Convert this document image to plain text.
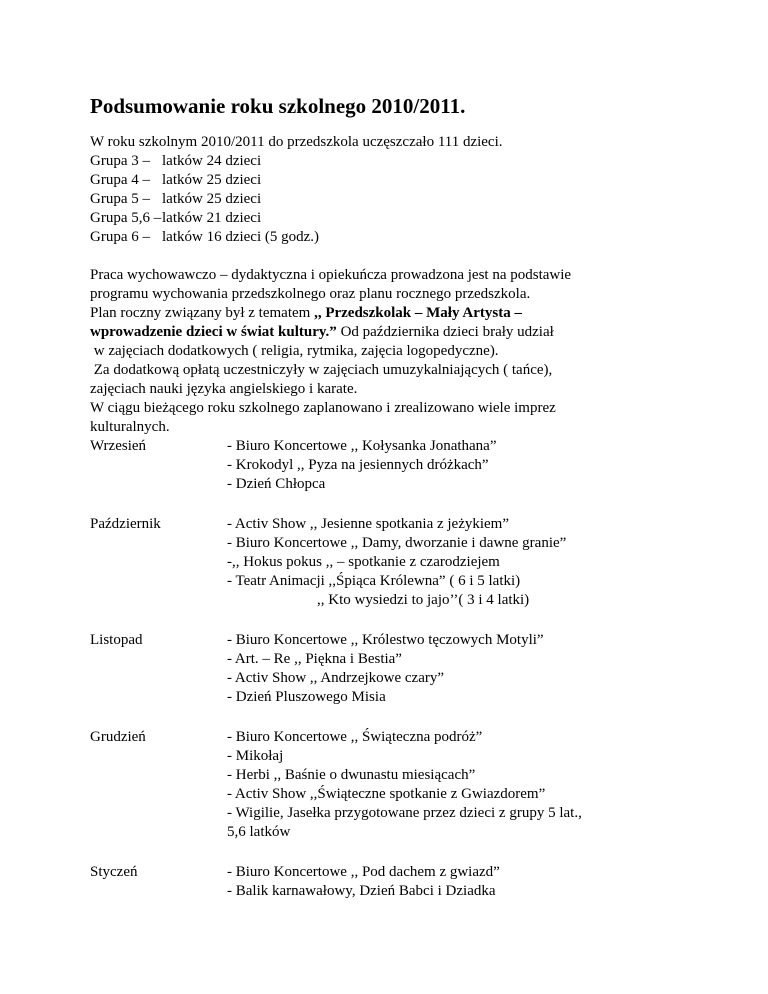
Podsumowanie roku szkolnego 2010/2011.

W roku szkolnym 2010/2011 do przedszkola uczęszczało 111 dzieci.

Grupa 3 – latków 24 dzieci
Grupa 4 – latków 25 dzieci
Grupa 5 – latków 25 dzieci
Grupa 5,6 – latków 21 dzieci
Grupa 6 – latków 16 dzieci (5 godz.)

Praca wychowawczo – dydaktyczna i opiekuńcza prowadzona jest na podstawie

programu wychowania przedszkolnego oraz planu rocznego przedszkola.

Plan roczny związany był z tematem ,, Przedszkolak – Mały Artysta –

wprowadzenie dzieci w świat kultury.” Od października dzieci brały udział

w zajęciach dodatkowych ( religia, rytmika, zajęcia logopedyczne).

Za dodatkową opłatą uczestniczyły w zajęciach umuzykalniających ( tańce),

zajęciach nauki języka angielskiego i karate.

W ciągu bieżącego roku szkolnego zaplanowano i zrealizowano wiele imprez

kulturalnych.

Wrzesień	- Biuro Koncertowe ,, Kołysanka Jonathana”
- Krokodyl ,, Pyza na jesiennych dróżkach”
- Dzień Chłopca
Październik	- Activ Show ,, Jesienne spotkania z jeżykiem”
- Biuro Koncertowe ,, Damy, dworzanie i dawne granie”
-,, Hokus pokus ,, – spotkanie z czarodziejem
- Teatr Animacji ,,Śpiąca Królewna” ( 6 i 5 latki)
,, Kto wysiedzi to jajo’’( 3 i 4 latki)
Listopad	- Biuro Koncertowe ,, Królestwo tęczowych Motyli”
- Art. – Re ,, Piękna i Bestia”
- Activ Show ,, Andrzejkowe czary”
- Dzień Pluszowego Misia
Grudzień	- Biuro Koncertowe ,, Świąteczna podróż”
- Mikołaj
- Herbi ,, Baśnie o dwunastu miesiącach”
- Activ Show ,,Świąteczne spotkanie z Gwiazdorem”
- Wigilie, Jasełka przygotowane przez dzieci z grupy 5 lat.,
5,6 latków
Styczeń	- Biuro Koncertowe ,, Pod dachem z gwiazd”
- Balik karnawałowy, Dzień Babci i Dziadka
